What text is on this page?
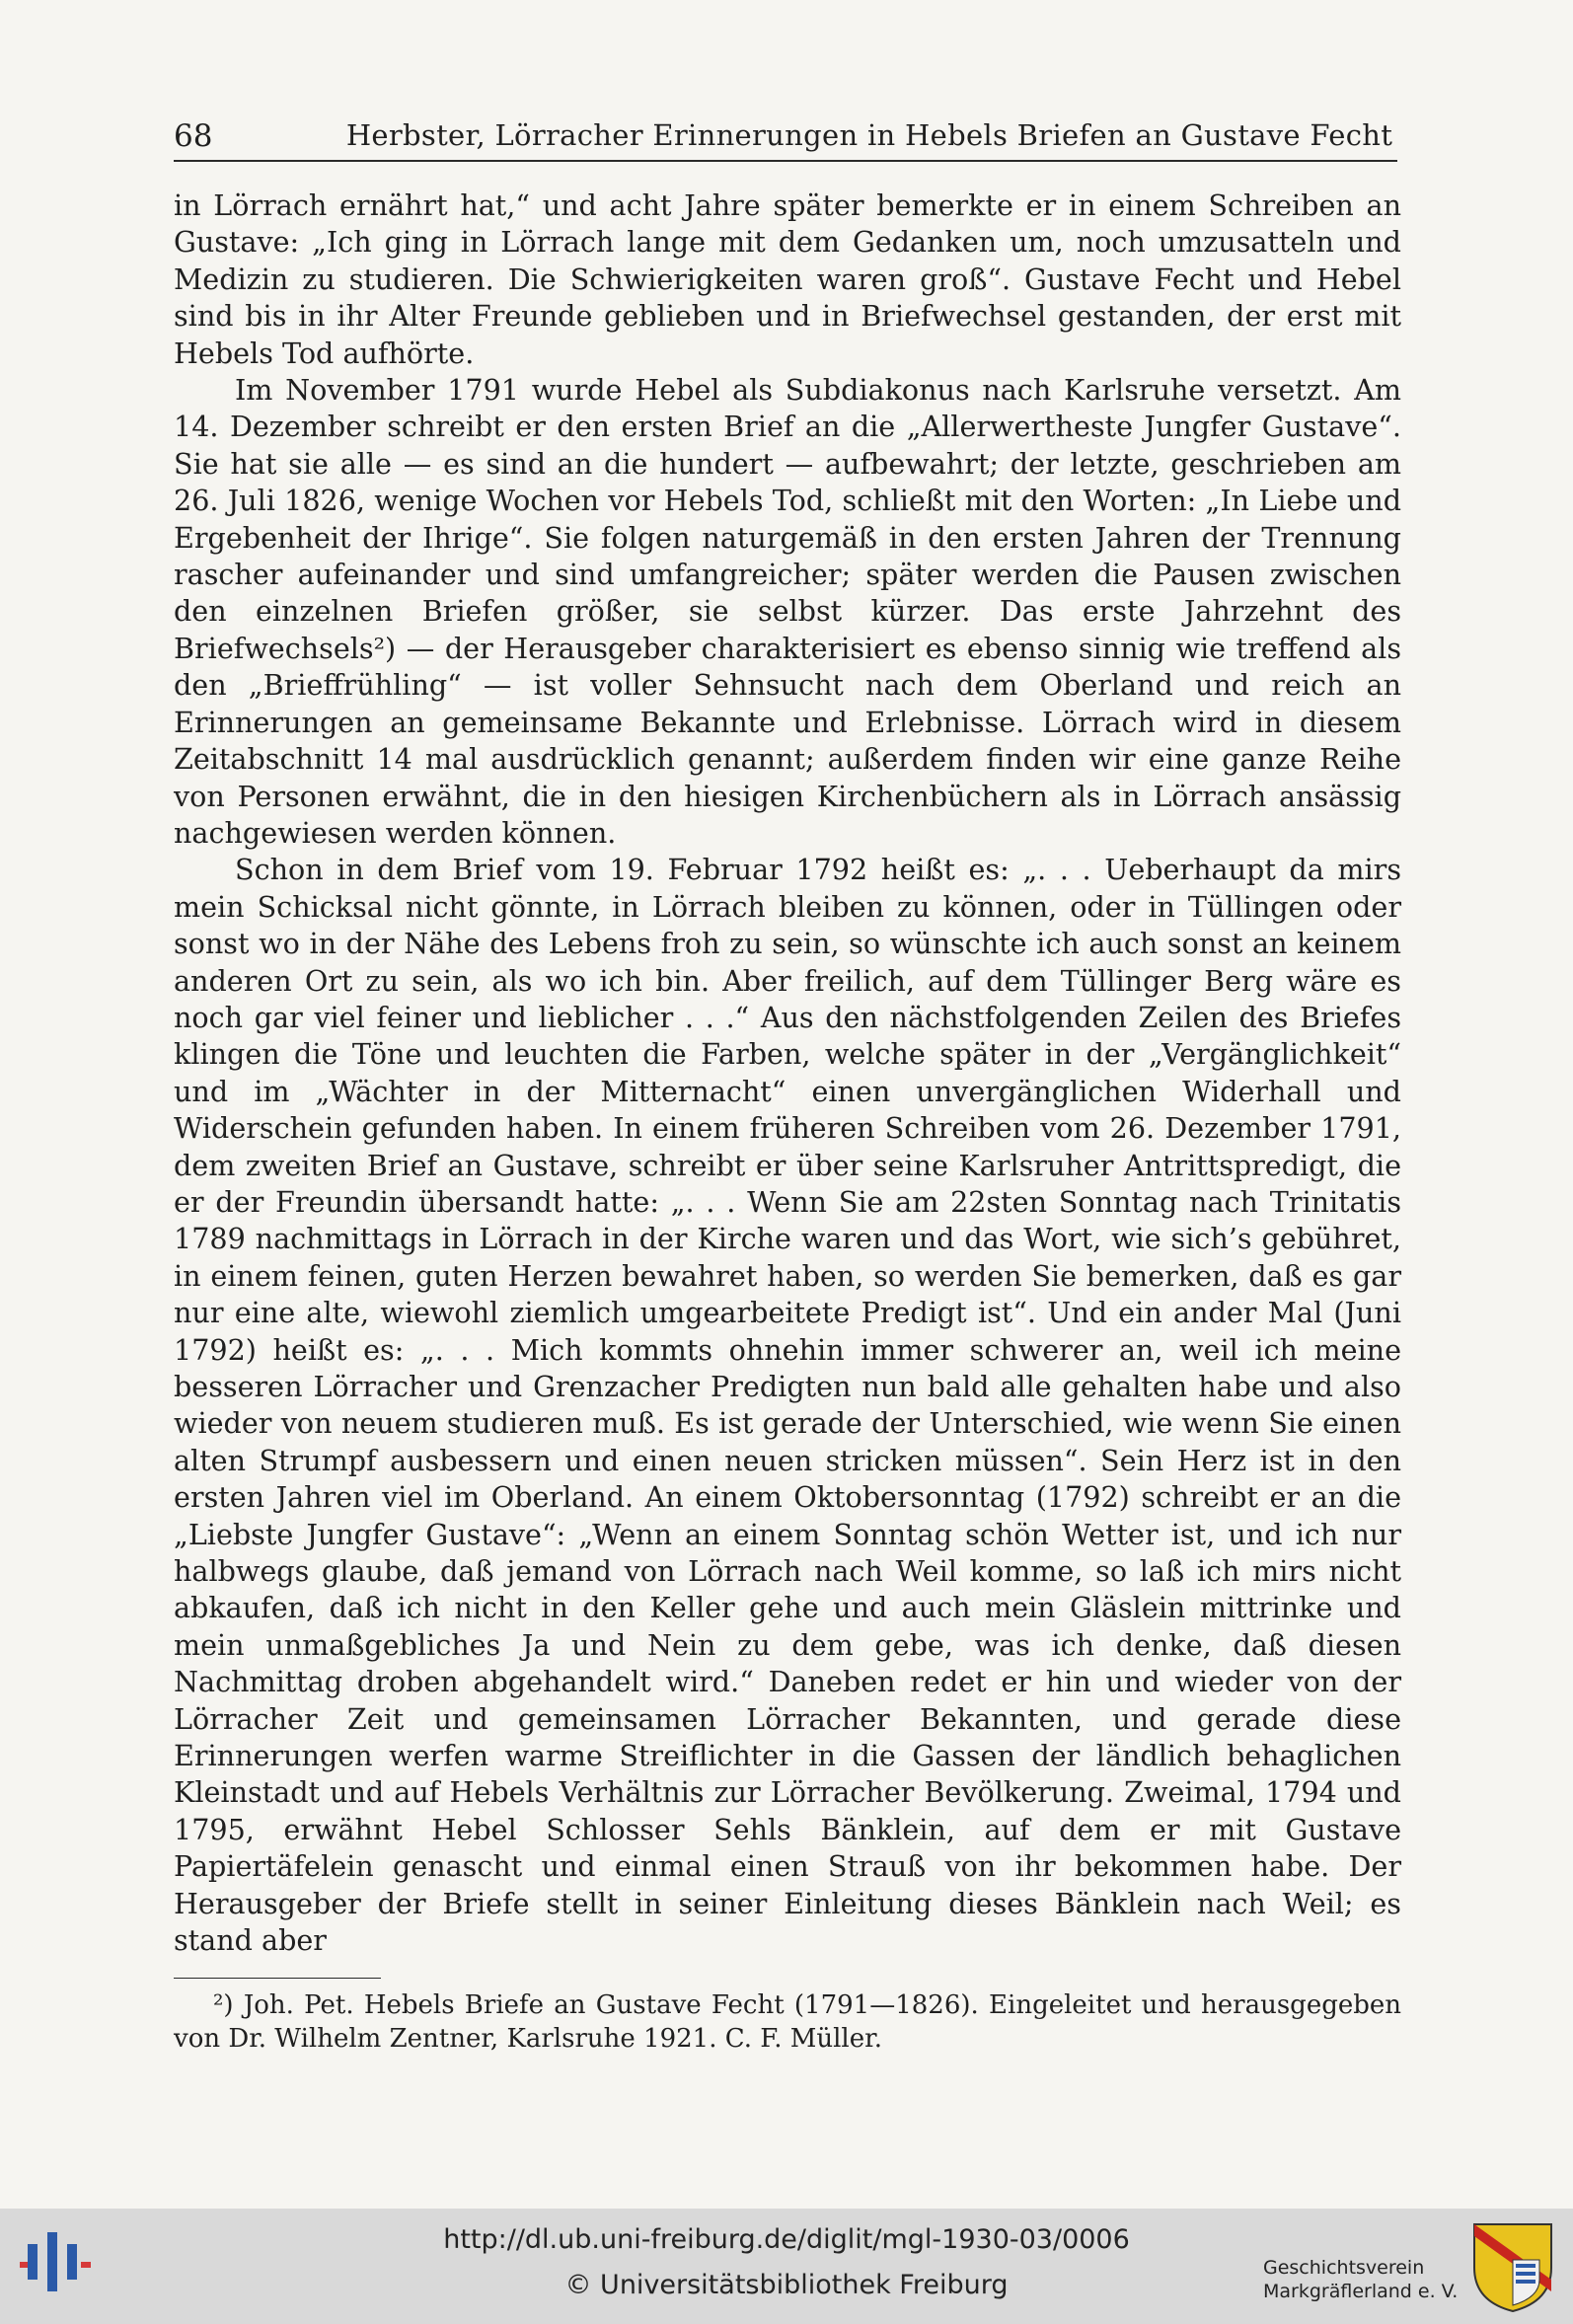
68	Herbster, Lörracher Erinnerungen in Hebels Briefen an Gustave Fecht

in Lörrach ernährt hat,“ und acht Jahre später bemerkte er in einem Schreiben an Gustave: „Ich ging in Lörrach lange mit dem Gedanken um, noch umzusatteln und Medizin zu studieren. Die Schwierigkeiten waren groß“. Gustave Fecht und Hebel sind bis in ihr Alter Freunde geblieben und in Briefwechsel gestanden, der erst mit Hebels Tod aufhörte.

Im November 1791 wurde Hebel als Subdiakonus nach Karlsruhe versetzt. Am 14. Dezember schreibt er den ersten Brief an die „Allerwertheste Jungfer Gustave“. Sie hat sie alle — es sind an die hundert — aufbewahrt; der letzte, geschrieben am 26. Juli 1826, wenige Wochen vor Hebels Tod, schließt mit den Worten: „In Liebe und Ergebenheit der Ihrige“. Sie folgen naturgemäß in den ersten Jahren der Trennung rascher aufeinander und sind umfangreicher; später werden die Pausen zwischen den einzelnen Briefen größer, sie selbst kürzer. Das erste Jahrzehnt des Briefwechsels²) — der Herausgeber charakterisiert es ebenso sinnig wie treffend als den „Brieffrühling“ — ist voller Sehnsucht nach dem Oberland und reich an Erinnerungen an gemeinsame Bekannte und Erlebnisse. Lörrach wird in diesem Zeitabschnitt 14 mal ausdrücklich genannt; außerdem finden wir eine ganze Reihe von Personen erwähnt, die in den hiesigen Kirchenbüchern als in Lörrach ansässig nachgewiesen werden können.

Schon in dem Brief vom 19. Februar 1792 heißt es: „. . . Ueberhaupt da mirs mein Schicksal nicht gönnte, in Lörrach bleiben zu können, oder in Tüllingen oder sonst wo in der Nähe des Lebens froh zu sein, so wünschte ich auch sonst an keinem anderen Ort zu sein, als wo ich bin. Aber freilich, auf dem Tüllinger Berg wäre es noch gar viel feiner und lieblicher . . .“ Aus den nächstfolgenden Zeilen des Briefes klingen die Töne und leuchten die Farben, welche später in der „Vergänglichkeit“ und im „Wächter in der Mitternacht“ einen unvergänglichen Widerhall und Widerschein gefunden haben. In einem früheren Schreiben vom 26. Dezember 1791, dem zweiten Brief an Gustave, schreibt er über seine Karlsruher Antrittspredigt, die er der Freundin übersandt hatte: „. . . Wenn Sie am 22sten Sonntag nach Trinitatis 1789 nachmittags in Lörrach in der Kirche waren und das Wort, wie sich’s gebühret, in einem feinen, guten Herzen bewahret haben, so werden Sie bemerken, daß es gar nur eine alte, wiewohl ziemlich umgearbeitete Predigt ist“. Und ein ander Mal (Juni 1792) heißt es: „. . . Mich kommts ohnehin immer schwerer an, weil ich meine besseren Lörracher und Grenzacher Predigten nun bald alle gehalten habe und also wieder von neuem studieren muß. Es ist gerade der Unterschied, wie wenn Sie einen alten Strumpf ausbessern und einen neuen stricken müssen“. Sein Herz ist in den ersten Jahren viel im Oberland. An einem Oktobersonntag (1792) schreibt er an die „Liebste Jungfer Gustave“: „Wenn an einem Sonntag schön Wetter ist, und ich nur halbwegs glaube, daß jemand von Lörrach nach Weil komme, so laß ich mirs nicht abkaufen, daß ich nicht in den Keller gehe und auch mein Gläslein mittrinke und mein unmaßgebliches Ja und Nein zu dem gebe, was ich denke, daß diesen Nachmittag droben abgehandelt wird.“ Daneben redet er hin und wieder von der Lörracher Zeit und gemeinsamen Lörracher Bekannten, und gerade diese Erinnerungen werfen warme Streiflichter in die Gassen der ländlich behaglichen Kleinstadt und auf Hebels Verhältnis zur Lörracher Bevölkerung. Zweimal, 1794 und 1795, erwähnt Hebel Schlosser Sehls Bänklein, auf dem er mit Gustave Papiertäfelein genascht und einmal einen Strauß von ihr bekommen habe. Der Herausgeber der Briefe stellt in seiner Einleitung dieses Bänklein nach Weil; es stand aber

²) Joh. Pet. Hebels Briefe an Gustave Fecht (1791—1826). Eingeleitet und herausgegeben von Dr. Wilhelm Zentner, Karlsruhe 1921. C. F. Müller.
http://dl.ub.uni-freiburg.de/diglit/mgl-1930-03/0006
© Universitätsbibliothek Freiburg
Geschichtsverein
Markgräflerland e. V.
